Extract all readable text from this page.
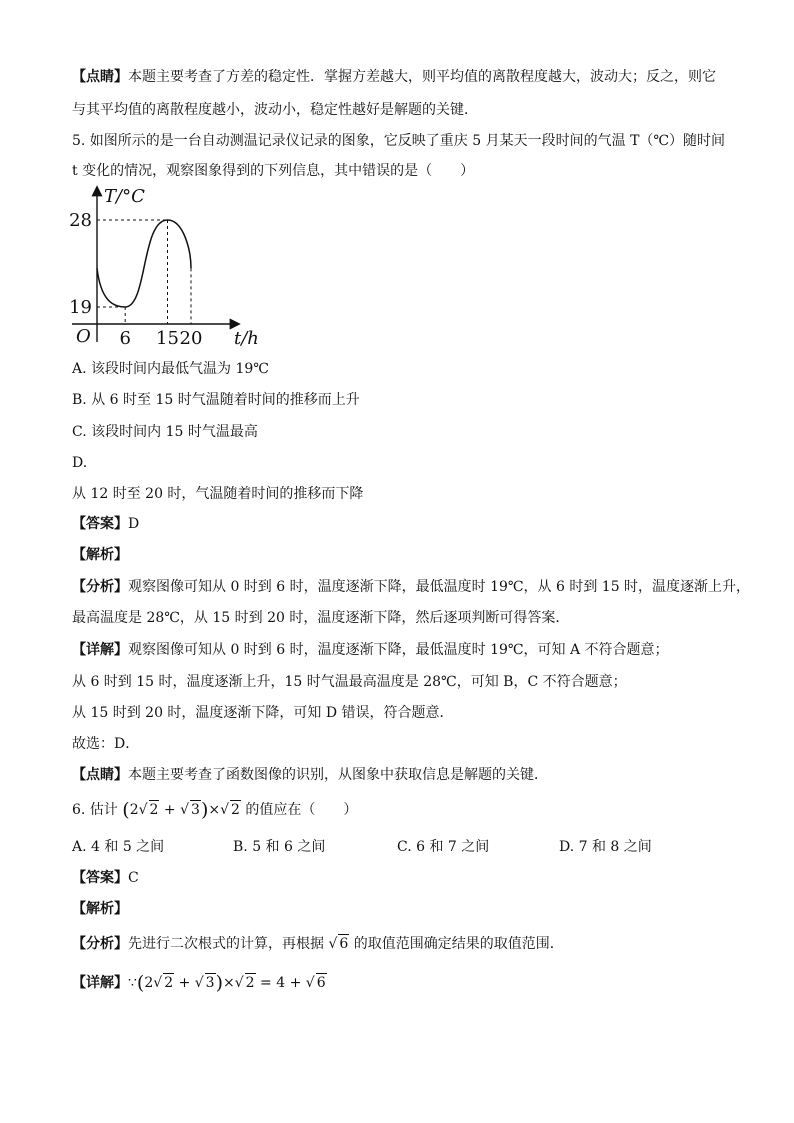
【点睛】本题主要考查了方差的稳定性．掌握方差越大，则平均值的离散程度越大，波动大；反之，则它
与其平均值的离散程度越小，波动小，稳定性越好是解题的关键．
5. 如图所示的是一台自动测温记录仪记录的图象，它反映了重庆 5 月某天一段时间的气温 T（℃）随时间
t 变化的情况，观察图象得到的下列信息，其中错误的是（　　）
6 15 20
19
28
T/°C
t/h
O
A. 该段时间内最低气温为 19℃
B. 从 6 时至 15 时气温随着时间的推移而上升
C. 该段时间内 15 时气温最高
D.
从 12 时至 20 时，气温随着时间的推移而下降
【答案】D
【解析】
【分析】观察图像可知从 0 时到 6 时，温度逐渐下降，最低温度时 19℃，从 6 时到 15 时，温度逐渐上升，
最高温度是 28℃，从 15 时到 20 时，温度逐渐下降，然后逐项判断可得答案．
【详解】观察图像可知从 0 时到 6 时，温度逐渐下降，最低温度时 19℃，可知 A 不符合题意；
从 6 时到 15 时，温度逐渐上升，15 时气温最高温度是 28℃，可知 B，C 不符合题意；
从 15 时到 20 时，温度逐渐下降，可知 D 错误，符合题意．
故选：D．
【点睛】本题主要考查了函数图像的识别，从图象中获取信息是解题的关键．
6. 估计 (2√ 2 + √ 3)×√ 2 的值应在（　　）
A. 4 和 5 之间	B. 5 和 6 之间	C. 6 和 7 之间	D. 7 和 8 之间
【答案】C
【解析】
【分析】先进行二次根式的计算，再根据 √ 6 的取值范围确定结果的取值范围．
【详解】∵(2√ 2 + √ 3)×√ 2 = 4 + √ 6
